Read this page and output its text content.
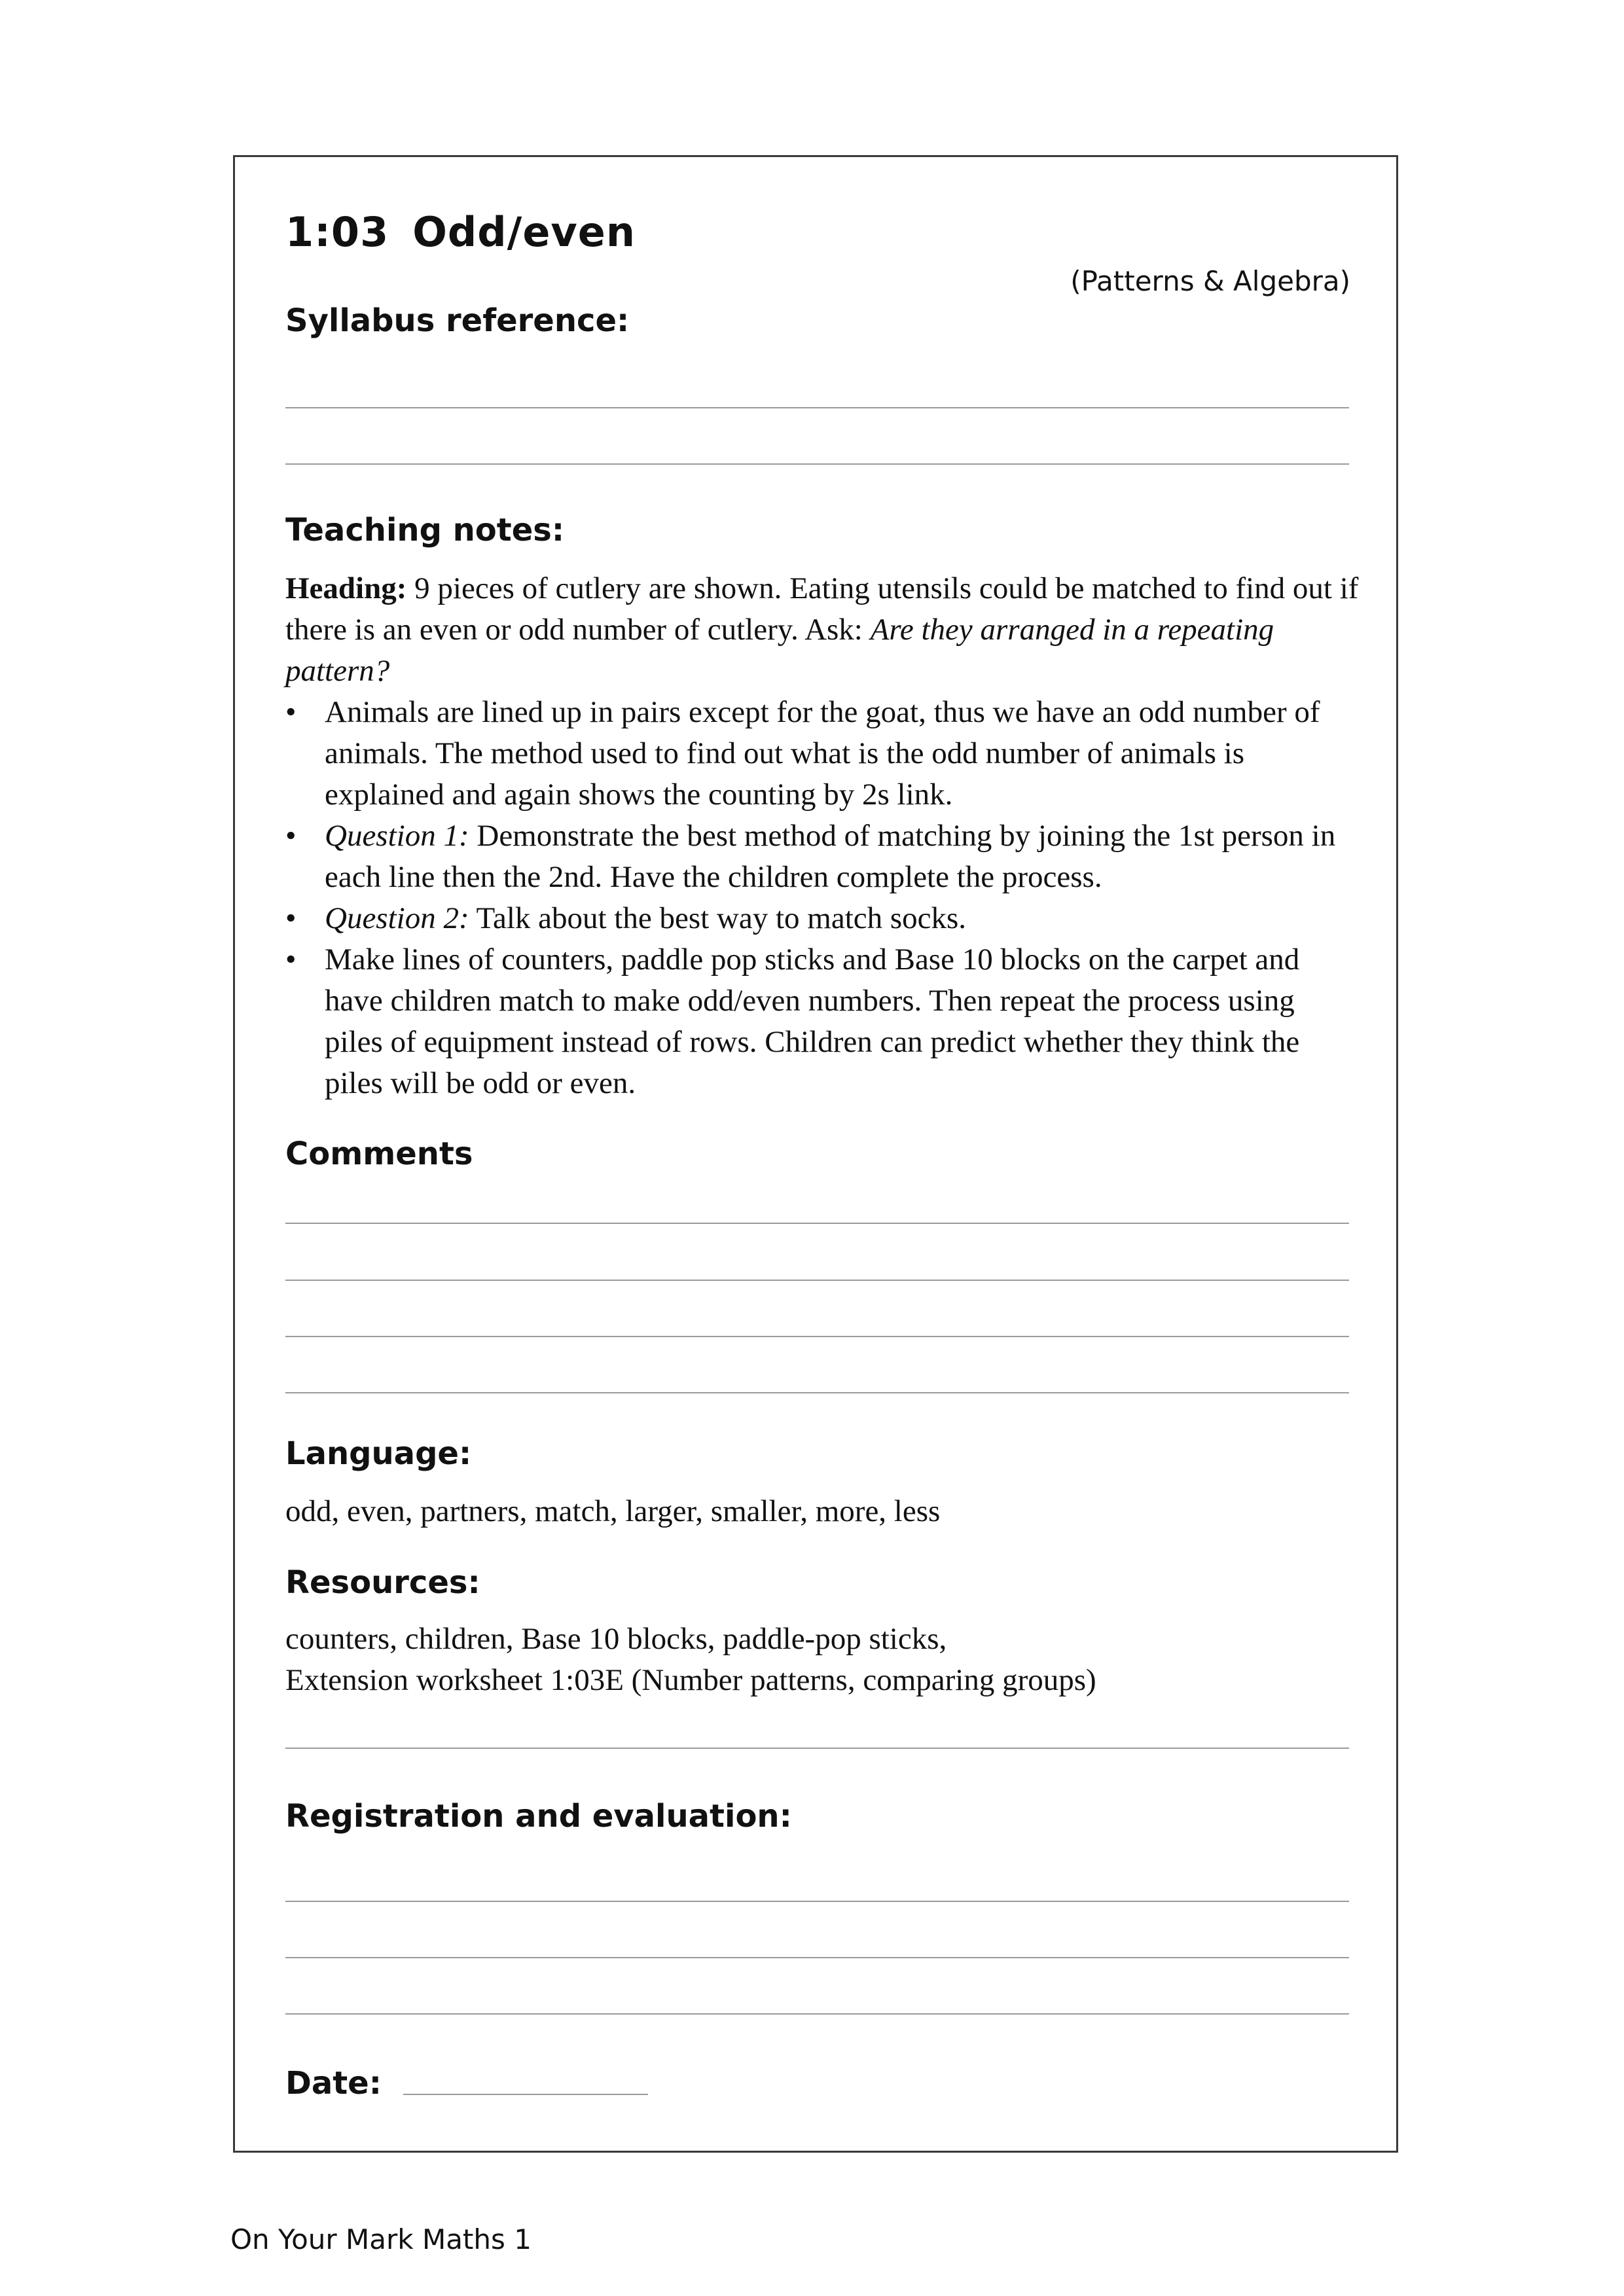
1:03 Odd/even
(Patterns & Algebra)
Syllabus reference:
Teaching notes:

Heading: 9 pieces of cutlery are shown. Eating utensils could be matched to find out if there is an even or odd number of cutlery. Ask: Are they arranged in a repeating pattern?

• Animals are lined up in pairs except for the goat, thus we have an odd number of animals. The method used to find out what is the odd number of animals is explained and again shows the counting by 2s link.
• Question 1: Demonstrate the best method of matching by joining the 1st person in each line then the 2nd. Have the children complete the process.
• Question 2: Talk about the best way to match socks.
• Make lines of counters, paddle pop sticks and Base 10 blocks on the carpet and have children match to make odd/even numbers. Then repeat the process using piles of equipment instead of rows. Children can predict whether they think the piles will be odd or even.
Comments
Language:
odd, even, partners, match, larger, smaller, more, less
Resources:

counters, children, Base 10 blocks, paddle-pop sticks,

Extension worksheet 1:03E (Number patterns, comparing groups)

Registration and evaluation:
Date:
On Your Mark Maths 1
